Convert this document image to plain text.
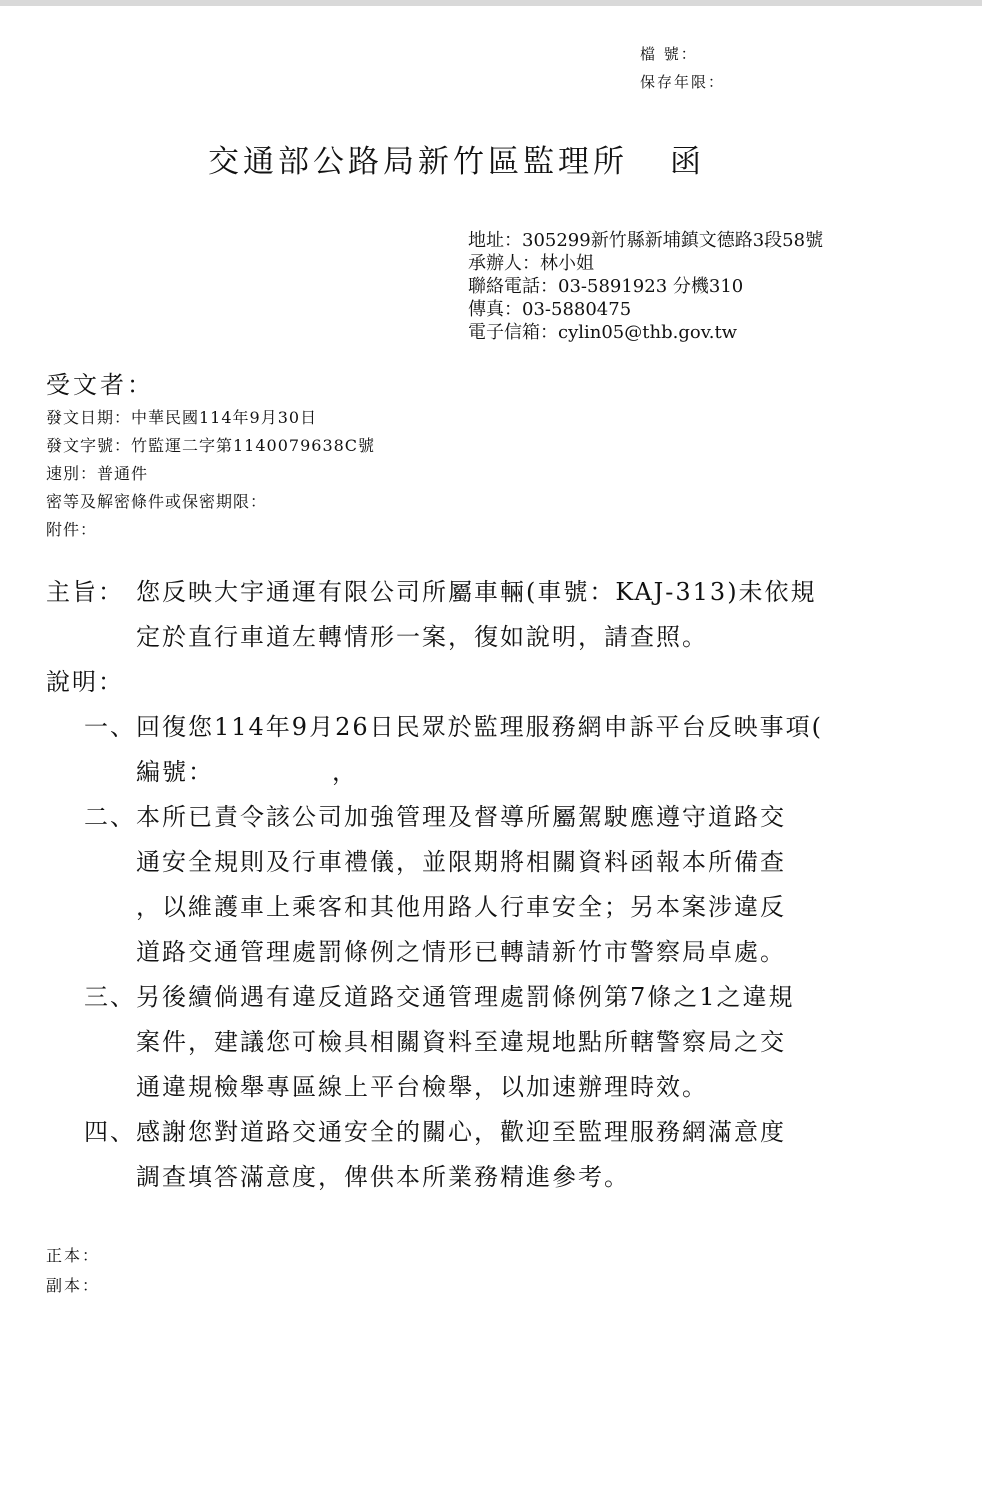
檔 號：
保存年限：
交通部公路局新竹區監理所 函
地址：305299新竹縣新埔鎮文德路3段58號
承辦人：林小姐
聯絡電話：03-5891923 分機310
傳真：03-5880475
電子信箱：cylin05@thb.gov.tw
受文者：
發文日期：中華民國114年9月30日
發文字號：竹監運二字第1140079638C號
速別：普通件
密等及解密條件或保密期限：
附件：
主旨： 您反映大宇通運有限公司所屬車輛(車號：KAJ-313)未依規
定於直行車道左轉情形一案，復如說明，請查照。
說明：
一、 回復您114年9月26日民眾於監理服務網申訴平台反映事項(
編號：　　　　　，
二、 本所已責令該公司加強管理及督導所屬駕駛應遵守道路交
通安全規則及行車禮儀，並限期將相關資料函報本所備查
，以維護車上乘客和其他用路人行車安全；另本案涉違反
道路交通管理處罰條例之情形已轉請新竹市警察局卓處。
三、 另後續倘遇有違反道路交通管理處罰條例第7條之1之違規
案件，建議您可檢具相關資料至違規地點所轄警察局之交
通違規檢舉專區線上平台檢舉，以加速辦理時效。
四、 感謝您對道路交通安全的關心，歡迎至監理服務網滿意度
調查填答滿意度，俾供本所業務精進參考。
正本：
副本：
